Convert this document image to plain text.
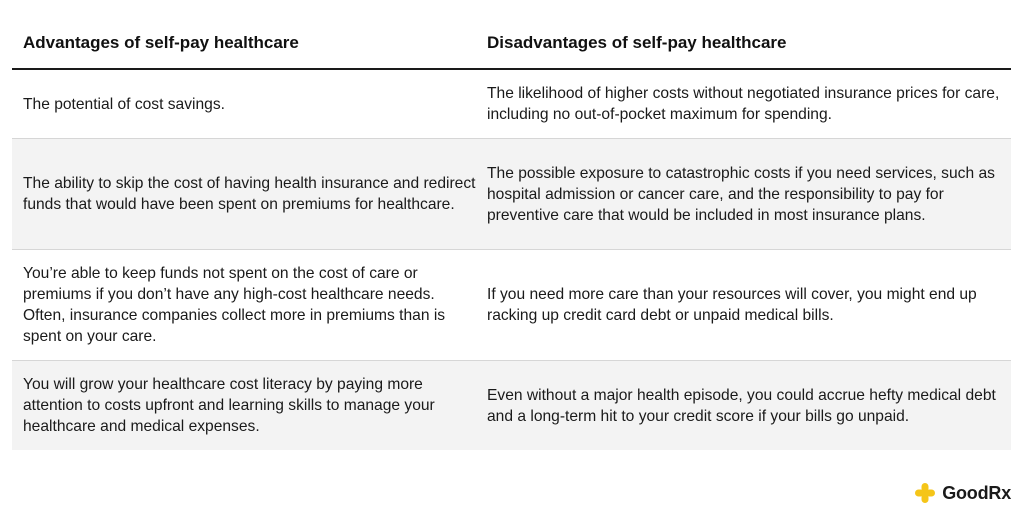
Advantages of self-pay healthcare	Disadvantages of self-pay healthcare
The potential of cost savings.
The likelihood of higher costs without negotiated insurance prices for care, including no out-of-pocket maximum for spending.
The ability to skip the cost of having health insurance and redirect funds that would have been spent on premiums for healthcare.
The possible exposure to catastrophic costs if you need services, such as hospital admission or cancer care, and the responsibility to pay for preventive care that would be included in most insurance plans.
You’re able to keep funds not spent on the cost of care or premiums if you don’t have any high-cost healthcare needs. Often, insurance companies collect more in premiums than is spent on your care.
If you need more care than your resources will cover, you might end up racking up credit card debt or unpaid medical bills.
You will grow your healthcare cost literacy by paying more attention to costs upfront and learning skills to manage your healthcare and medical expenses.
Even without a major health episode, you could accrue hefty medical debt and a long-term hit to your credit score if your bills go unpaid.
GoodRx
